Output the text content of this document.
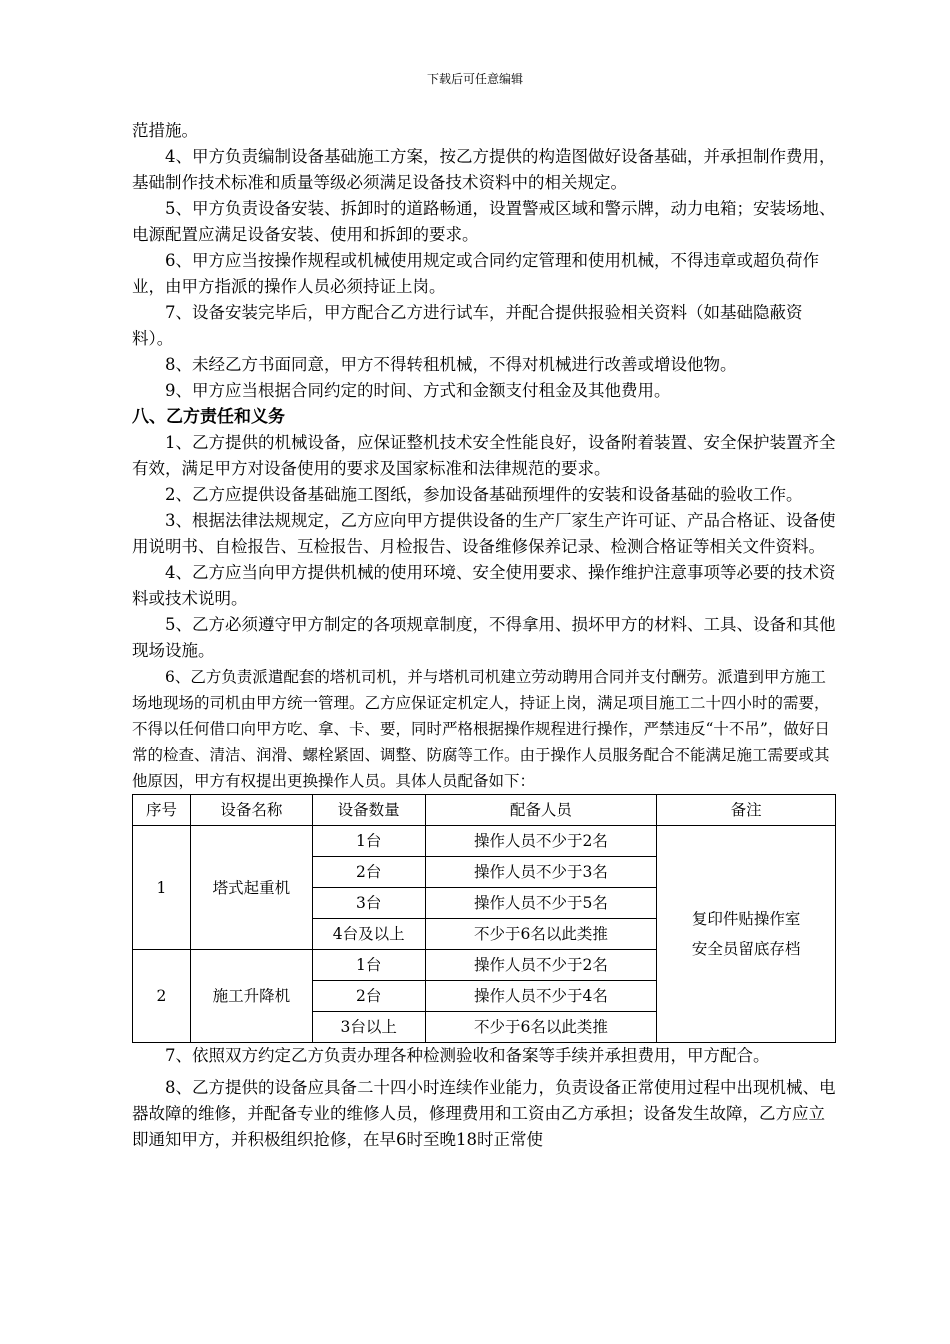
下载后可任意编辑

范措施。

4、甲方负责编制设备基础施工方案，按乙方提供的构造图做好设备基础，并承担制作费用，基础制作技术标准和质量等级必须满足设备技术资料中的相关规定。

5、甲方负责设备安装、拆卸时的道路畅通，设置警戒区域和警示牌，动力电箱；安装场地、电源配置应满足设备安装、使用和拆卸的要求。

6、甲方应当按操作规程或机械使用规定或合同约定管理和使用机械，不得违章或超负荷作业，由甲方指派的操作人员必须持证上岗。

7、设备安装完毕后，甲方配合乙方进行试车，并配合提供报验相关资料（如基础隐蔽资料）。

8、未经乙方书面同意，甲方不得转租机械，不得对机械进行改善或增设他物。

9、甲方应当根据合同约定的时间、方式和金额支付租金及其他费用。

八、乙方责任和义务

1、乙方提供的机械设备，应保证整机技术安全性能良好，设备附着装置、安全保护装置齐全有效，满足甲方对设备使用的要求及国家标准和法律规范的要求。

2、乙方应提供设备基础施工图纸，参加设备基础预埋件的安装和设备基础的验收工作。

3、根据法律法规规定，乙方应向甲方提供设备的生产厂家生产许可证、产品合格证、设备使用说明书、自检报告、互检报告、月检报告、设备维修保养记录、检测合格证等相关文件资料。

4、乙方应当向甲方提供机械的使用环境、安全使用要求、操作维护注意事项等必要的技术资料或技术说明。

5、乙方必须遵守甲方制定的各项规章制度，不得拿用、损坏甲方的材料、工具、设备和其他现场设施。

6、乙方负责派遣配套的塔机司机，并与塔机司机建立劳动聘用合同并支付酬劳。派遣到甲方施工场地现场的司机由甲方统一管理。乙方应保证定机定人，持证上岗，满足项目施工二十四小时的需要，不得以任何借口向甲方吃、拿、卡、要，同时严格根据操作规程进行操作，严禁违反“十不吊”，做好日常的检查、清洁、润滑、螺栓紧固、调整、防腐等工作。由于操作人员服务配合不能满足施工需要或其他原因，甲方有权提出更换操作人员。具体人员配备如下：

序号	设备名称	设备数量	配备人员	备注
1	塔式起重机	1台	操作人员不少于2名	复印件贴操作室
安全员留底存档

		2台	操作人员不少于3名	
		3台	操作人员不少于5名	
		4台及以上	不少于6名以此类推	
2	施工升降机	1台	操作人员不少于2名	
		2台	操作人员不少于4名	
		3台以上	不少于6名以此类推	

7、依照双方约定乙方负责办理各种检测验收和备案等手续并承担费用，甲方配合。

8、乙方提供的设备应具备二十四小时连续作业能力，负责设备正常使用过程中出现机械、电器故障的维修，并配备专业的维修人员，修理费用和工资由乙方承担；设备发生故障，乙方应立即通知甲方，并积极组织抢修，在早6时至晚18时正常使
